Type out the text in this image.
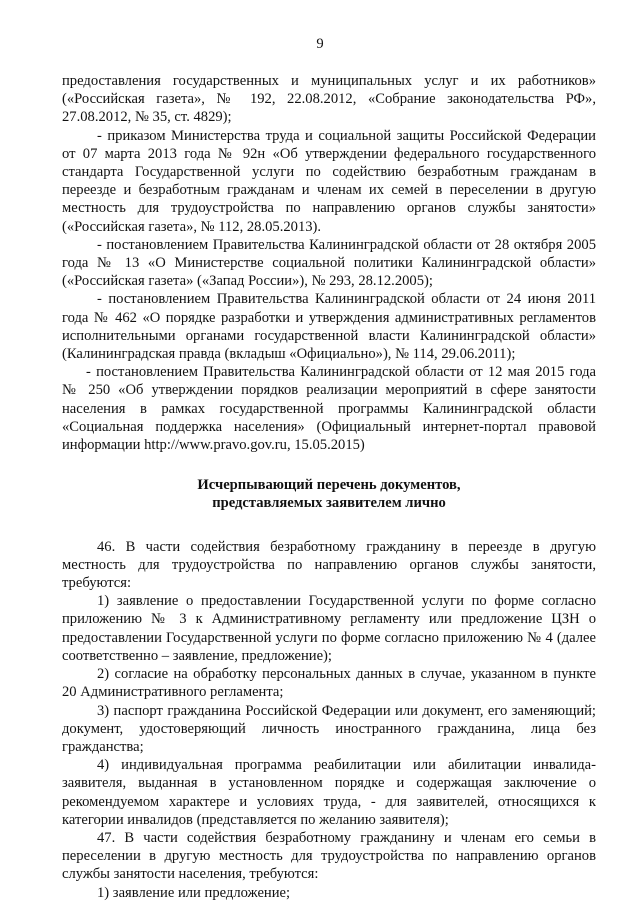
9

предоставления государственных и муниципальных услуг и их работников» («Российская газета», № 192, 22.08.2012, «Собрание законодательства РФ», 27.08.2012, № 35, ст. 4829);

- приказом Министерства труда и социальной защиты Российской Федерации от 07 марта 2013 года № 92н «Об утверждении федерального государственного стандарта Государственной услуги по содействию безработным гражданам в переезде и безработным гражданам и членам их семей в переселении в другую местность для трудоустройства по направлению органов службы занятости» («Российская газета», № 112, 28.05.2013).

- постановлением Правительства Калининградской области от 28 октября 2005 года № 13 «О Министерстве социальной политики Калининградской области» («Российская газета» («Запад России»), № 293, 28.12.2005);

- постановлением Правительства Калининградской области от 24 июня 2011 года № 462 «О порядке разработки и утверждения административных регламентов исполнительными органами государственной власти Калининградской области» (Калининградская правда (вкладыш «Официально»), № 114, 29.06.2011);

- постановлением Правительства Калининградской области от 12 мая 2015 года № 250 «Об утверждении порядков реализации мероприятий в сфере занятости населения в рамках государственной программы Калининградской области «Социальная поддержка населения» (Официальный интернет-портал правовой информации http://www.pravo.gov.ru, 15.05.2015)

Исчерпывающий перечень документов,
представляемых заявителем лично

46. В части содействия безработному гражданину в переезде в другую местность для трудоустройства по направлению органов службы занятости, требуются:

1) заявление о предоставлении Государственной услуги по форме согласно приложению № 3 к Административному регламенту или предложение ЦЗН о предоставлении Государственной услуги по форме согласно приложению № 4 (далее соответственно – заявление, предложение);

2) согласие на обработку персональных данных в случае, указанном в пункте 20 Административного регламента;

3) паспорт гражданина Российской Федерации или документ, его заменяющий; документ, удостоверяющий личность иностранного гражданина, лица без гражданства;

4) индивидуальная программа реабилитации или абилитации инвалида-заявителя, выданная в установленном порядке и содержащая заключение о рекомендуемом характере и условиях труда, - для заявителей, относящихся к категории инвалидов (представляется по желанию заявителя);

47. В части содействия безработному гражданину и членам его семьи в переселении в другую местность для трудоустройства по направлению органов службы занятости населения, требуются:

1) заявление или предложение;
